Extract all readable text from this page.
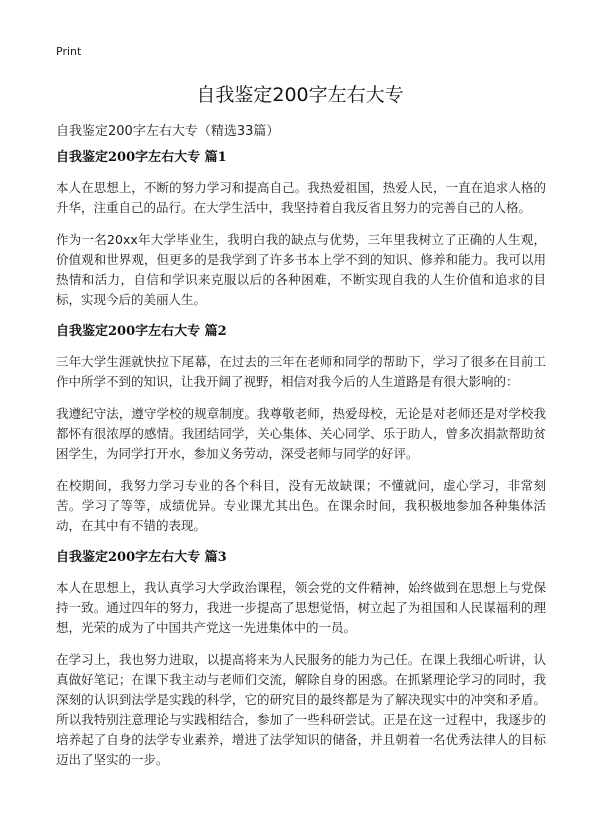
Print
自我鉴定200字左右大专
自我鉴定200字左右大专（精选33篇）
自我鉴定200字左右大专 篇1

本人在思想上，不断的努力学习和提高自己。我热爱祖国，热爱人民，一直在追求人格的升华，注重自己的品行。在大学生活中，我坚持着自我反省且努力的完善自己的人格。

作为一名20xx年大学毕业生，我明白我的缺点与优势，三年里我树立了正确的人生观，价值观和世界观，但更多的是我学到了许多书本上学不到的知识、修养和能力。我可以用热情和活力，自信和学识来克服以后的各种困难，不断实现自我的人生价值和追求的目标，实现今后的美丽人生。

自我鉴定200字左右大专 篇2

三年大学生涯就快拉下尾幕，在过去的三年在老师和同学的帮助下，学习了很多在目前工作中所学不到的知识，让我开阔了视野，相信对我今后的人生道路是有很大影响的：

我遵纪守法，遵守学校的规章制度。我尊敬老师，热爱母校，无论是对老师还是对学校我都怀有很浓厚的感情。我团结同学，关心集体、关心同学、乐于助人，曾多次捐款帮助贫困学生，为同学打开水，参加义务劳动，深受老师与同学的好评。

在校期间，我努力学习专业的各个科目，没有无故缺课；不懂就问，虚心学习，非常刻苦。学习了等等，成绩优异。专业课尤其出色。在课余时间，我积极地参加各种集体活动，在其中有不错的表现。

自我鉴定200字左右大专 篇3

本人在思想上，我认真学习大学政治课程，领会党的文件精神，始终做到在思想上与党保持一致。通过四年的努力，我进一步提高了思想觉悟，树立起了为祖国和人民谋福利的理想，光荣的成为了中国共产党这一先进集体中的一员。

在学习上，我也努力进取，以提高将来为人民服务的能力为己任。在课上我细心听讲，认真做好笔记；在课下我主动与老师们交流，解除自身的困惑。在抓紧理论学习的同时，我深刻的认识到法学是实践的科学，它的研究目的最终都是为了解决现实中的冲突和矛盾。所以我特别注意理论与实践相结合，参加了一些科研尝试。正是在这一过程中，我逐步的培养起了自身的法学专业素养，增进了法学知识的储备，并且朝着一名优秀法律人的目标迈出了坚实的一步。
